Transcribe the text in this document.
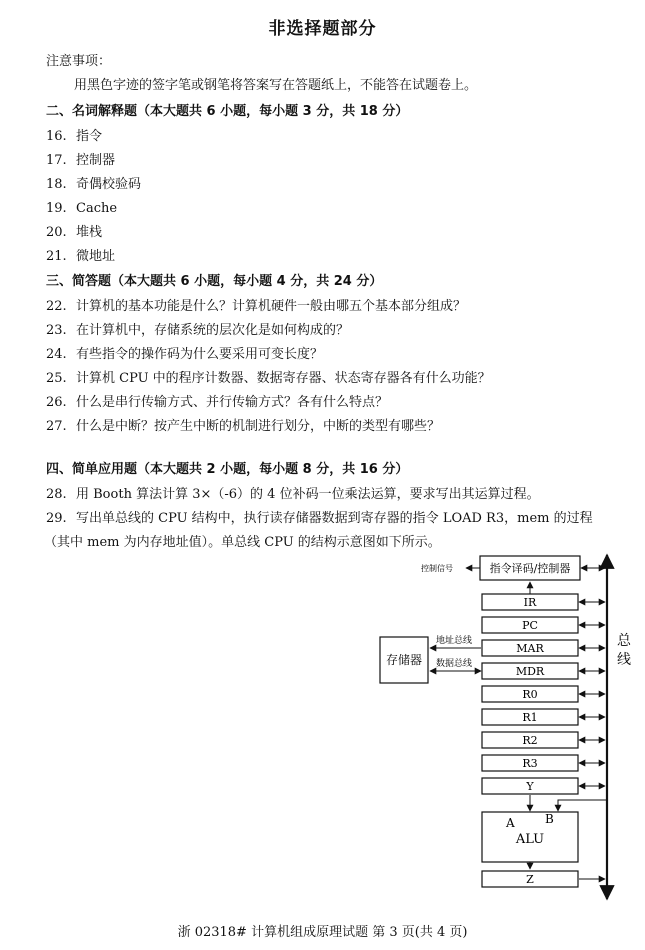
非选择题部分
注意事项：
用黑色字迹的签字笔或钢笔将答案写在答题纸上，不能答在试题卷上。
二、名词解释题（本大题共 6 小题，每小题 3 分，共 18 分）
16. 指令
17. 控制器
18. 奇偶校验码
19. Cache
20. 堆栈
21. 微地址
三、简答题（本大题共 6 小题，每小题 4 分，共 24 分）
22. 计算机的基本功能是什么？计算机硬件一般由哪五个基本部分组成？
23. 在计算机中，存储系统的层次化是如何构成的？
24. 有些指令的操作码为什么要采用可变长度？
25. 计算机 CPU 中的程序计数器、数据寄存器、状态寄存器各有什么功能？
26. 什么是串行传输方式、并行传输方式？各有什么特点？
27. 什么是中断？按产生中断的机制进行划分，中断的类型有哪些？
四、简单应用题（本大题共 2 小题，每小题 8 分，共 16 分）
28. 用 Booth 算法计算 3×（-6）的 4 位补码一位乘法运算，要求写出其运算过程。
29. 写出单总线的 CPU 结构中，执行读存储器数据到寄存器的指令 LOAD R3，mem 的过程
（其中 mem 为内存地址值）。单总线 CPU 的结构示意图如下所示。
总
线
指令译码/控制器
控制信号
IR
PC
MAR
MDR
R0
R1
R2
R3
Y
A	B
ALU
Z
存储器
地址总线
数据总线
浙 02318# 计算机组成原理试题 第 3 页(共 4 页)
